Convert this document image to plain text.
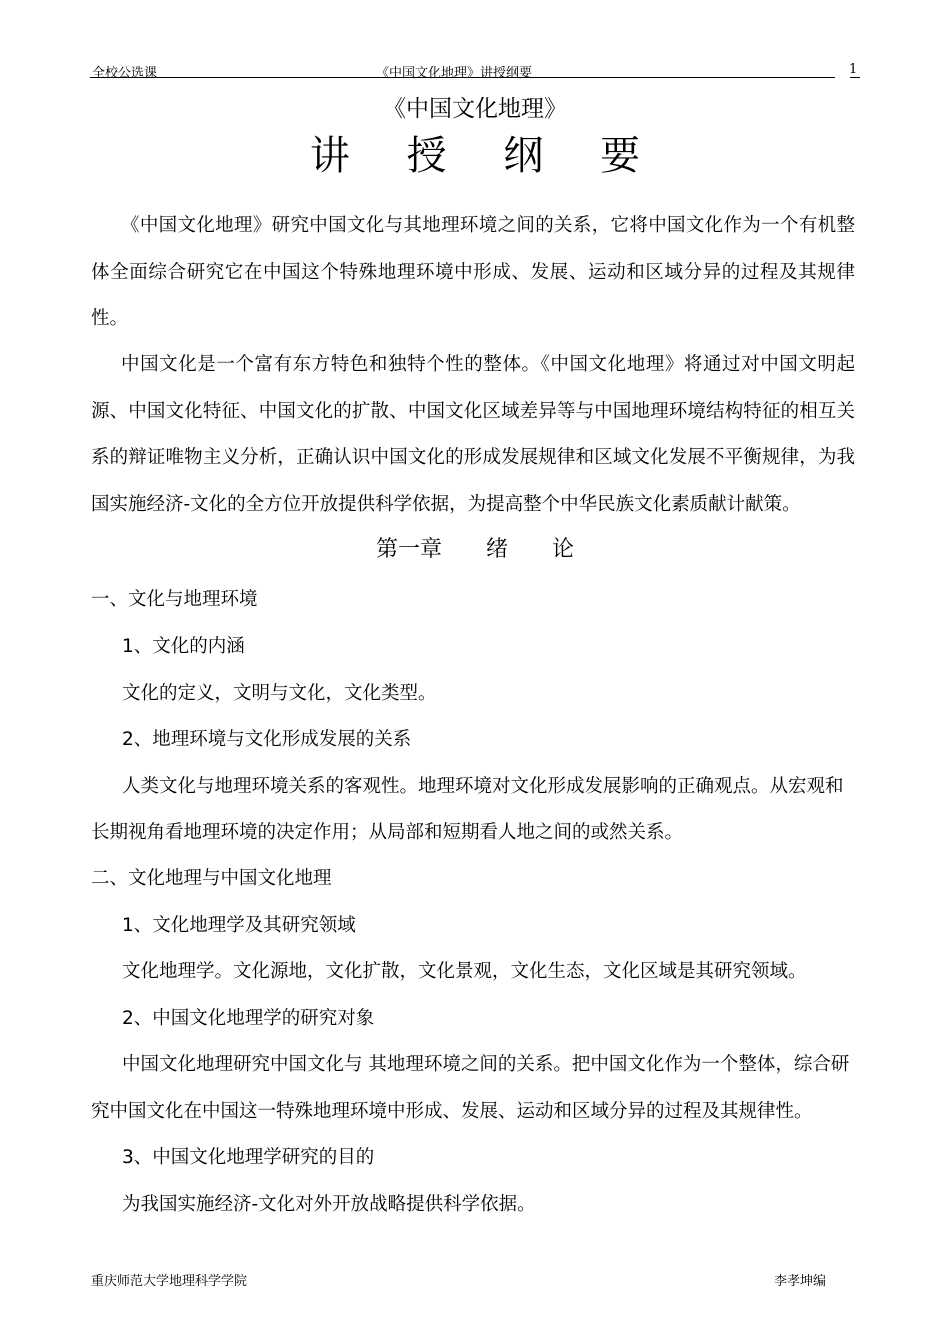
全校公选课	《中国文化地理》讲授纲要	1
《中国文化地理》
讲 授 纲 要

《中国文化地理》研究中国文化与其地理环境之间的关系，它将中国文化作为一个有机整体全面综合研究它在中国这个特殊地理环境中形成、发展、运动和区域分异的过程及其规律性。

中国文化是一个富有东方特色和独特个性的整体。《中国文化地理》将通过对中国文明起源、中国文化特征、中国文化的扩散、中国文化区域差异等与中国地理环境结构特征的相互关系的辩证唯物主义分析，正确认识中国文化的形成发展规律和区域文化发展不平衡规律，为我国实施经济-文化的全方位开放提供科学依据，为提高整个中华民族文化素质献计献策。

第一章　　绪　　论

一、文化与地理环境

1、文化的内涵

文化的定义，文明与文化，文化类型。

2、地理环境与文化形成发展的关系

人类文化与地理环境关系的客观性。地理环境对文化形成发展影响的正确观点。从宏观和

长期视角看地理环境的决定作用；从局部和短期看人地之间的或然关系。

二、文化地理与中国文化地理

1、文化地理学及其研究领域

文化地理学。文化源地，文化扩散，文化景观，文化生态，文化区域是其研究领域。

2、中国文化地理学的研究对象

中国文化地理研究中国文化与 其地理环境之间的关系。把中国文化作为一个整体，综合研

究中国文化在中国这一特殊地理环境中形成、发展、运动和区域分异的过程及其规律性。

3、中国文化地理学研究的目的

为我国实施经济-文化对外开放战略提供科学依据。

重庆师范大学地理科学学院	李孝坤编
